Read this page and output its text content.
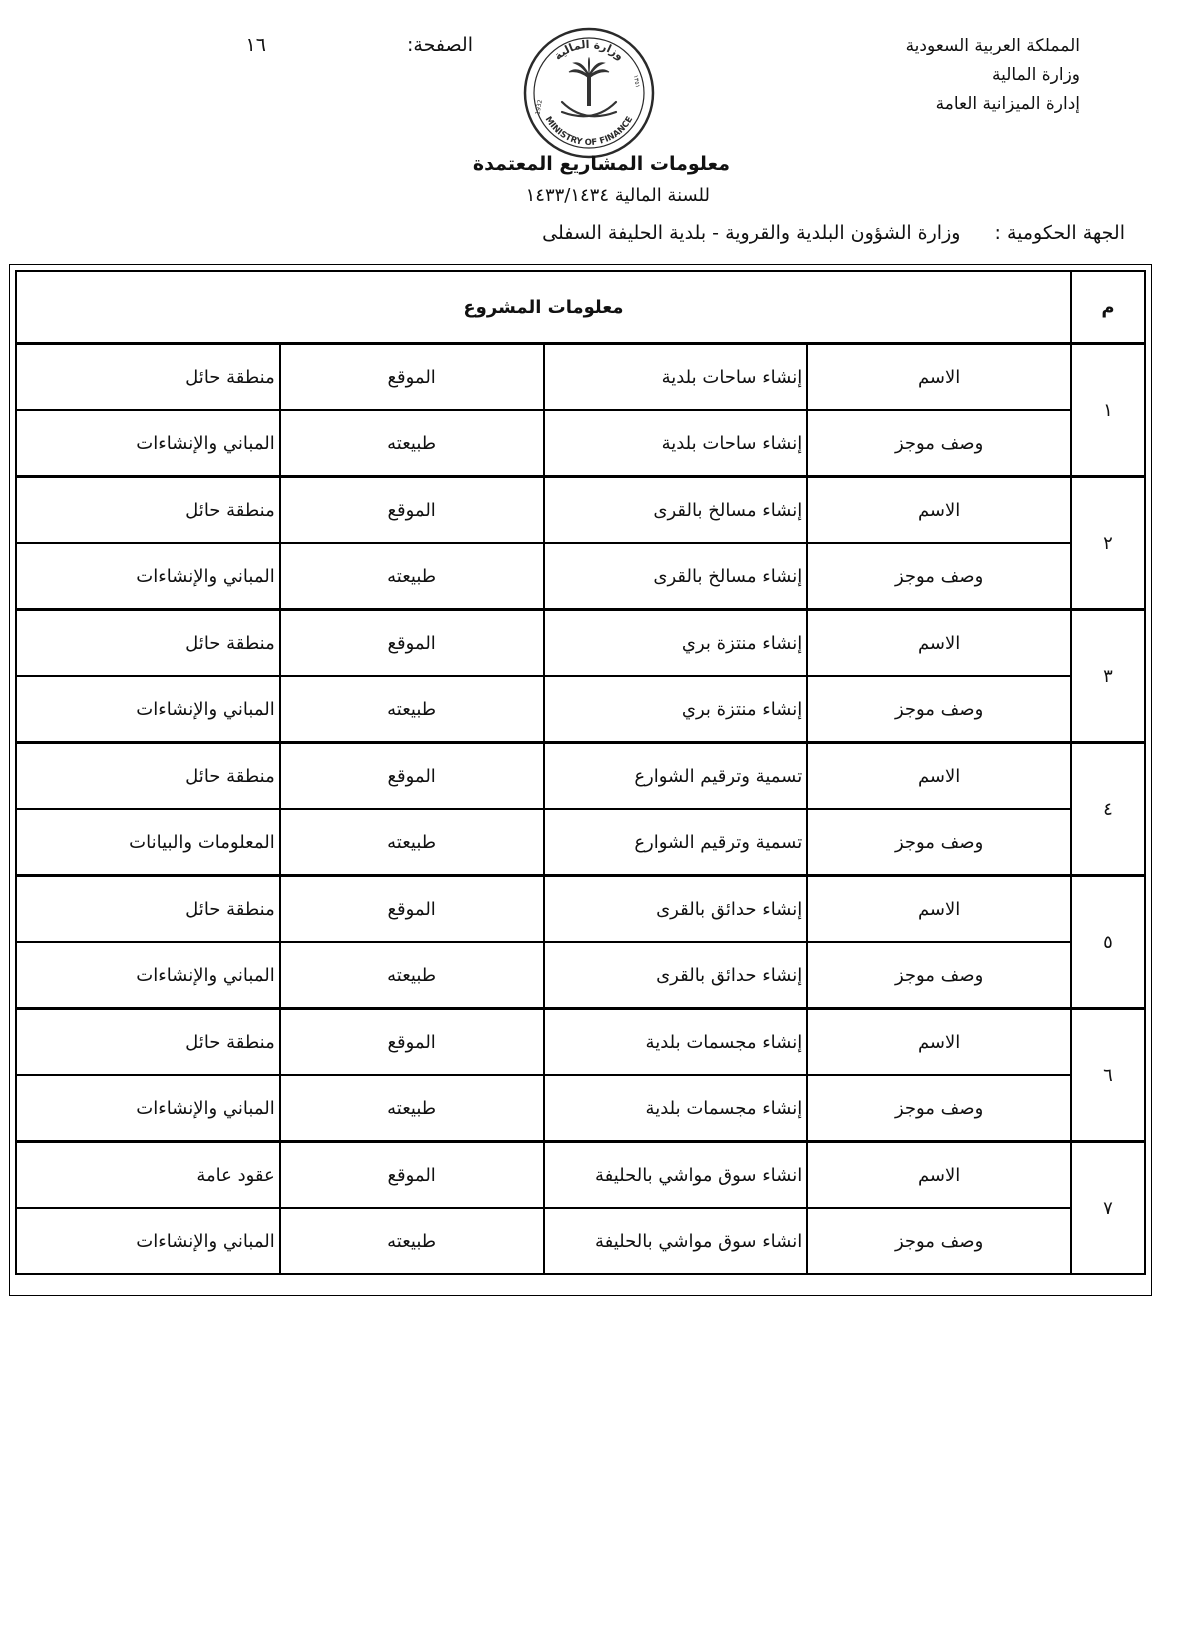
المملكة العربية السعودية
وزارة المالية
إدارة الميزانية العامة
الصفحة: ١٦	وزارة المالية
MINISTRY OF FINANCE
1932
١٣٥١
معلومات المشاريع المعتمدة
للسنة المالية ١٤٣٣/١٤٣٤
الجهة الحكومية : وزارة الشؤون البلدية والقروية - بلدية الحليفة السفلى
م	معلومات المشروع			
١	الاسم	إنشاء ساحات بلدية	الموقع	منطقة حائل
	وصف موجز	إنشاء ساحات بلدية	طبيعته	المباني والإنشاءات
٢	الاسم	إنشاء مسالخ بالقرى	الموقع	منطقة حائل
	وصف موجز	إنشاء مسالخ بالقرى	طبيعته	المباني والإنشاءات
٣	الاسم	إنشاء منتزة بري	الموقع	منطقة حائل
	وصف موجز	إنشاء منتزة بري	طبيعته	المباني والإنشاءات
٤	الاسم	تسمية وترقيم الشوارع	الموقع	منطقة حائل
	وصف موجز	تسمية وترقيم الشوارع	طبيعته	المعلومات والبيانات
٥	الاسم	إنشاء حدائق بالقرى	الموقع	منطقة حائل
	وصف موجز	إنشاء حدائق بالقرى	طبيعته	المباني والإنشاءات
٦	الاسم	إنشاء مجسمات بلدية	الموقع	منطقة حائل
	وصف موجز	إنشاء مجسمات بلدية	طبيعته	المباني والإنشاءات
٧	الاسم	انشاء سوق مواشي بالحليفة	الموقع	عقود عامة
	وصف موجز	انشاء سوق مواشي بالحليفة	طبيعته	المباني والإنشاءات
